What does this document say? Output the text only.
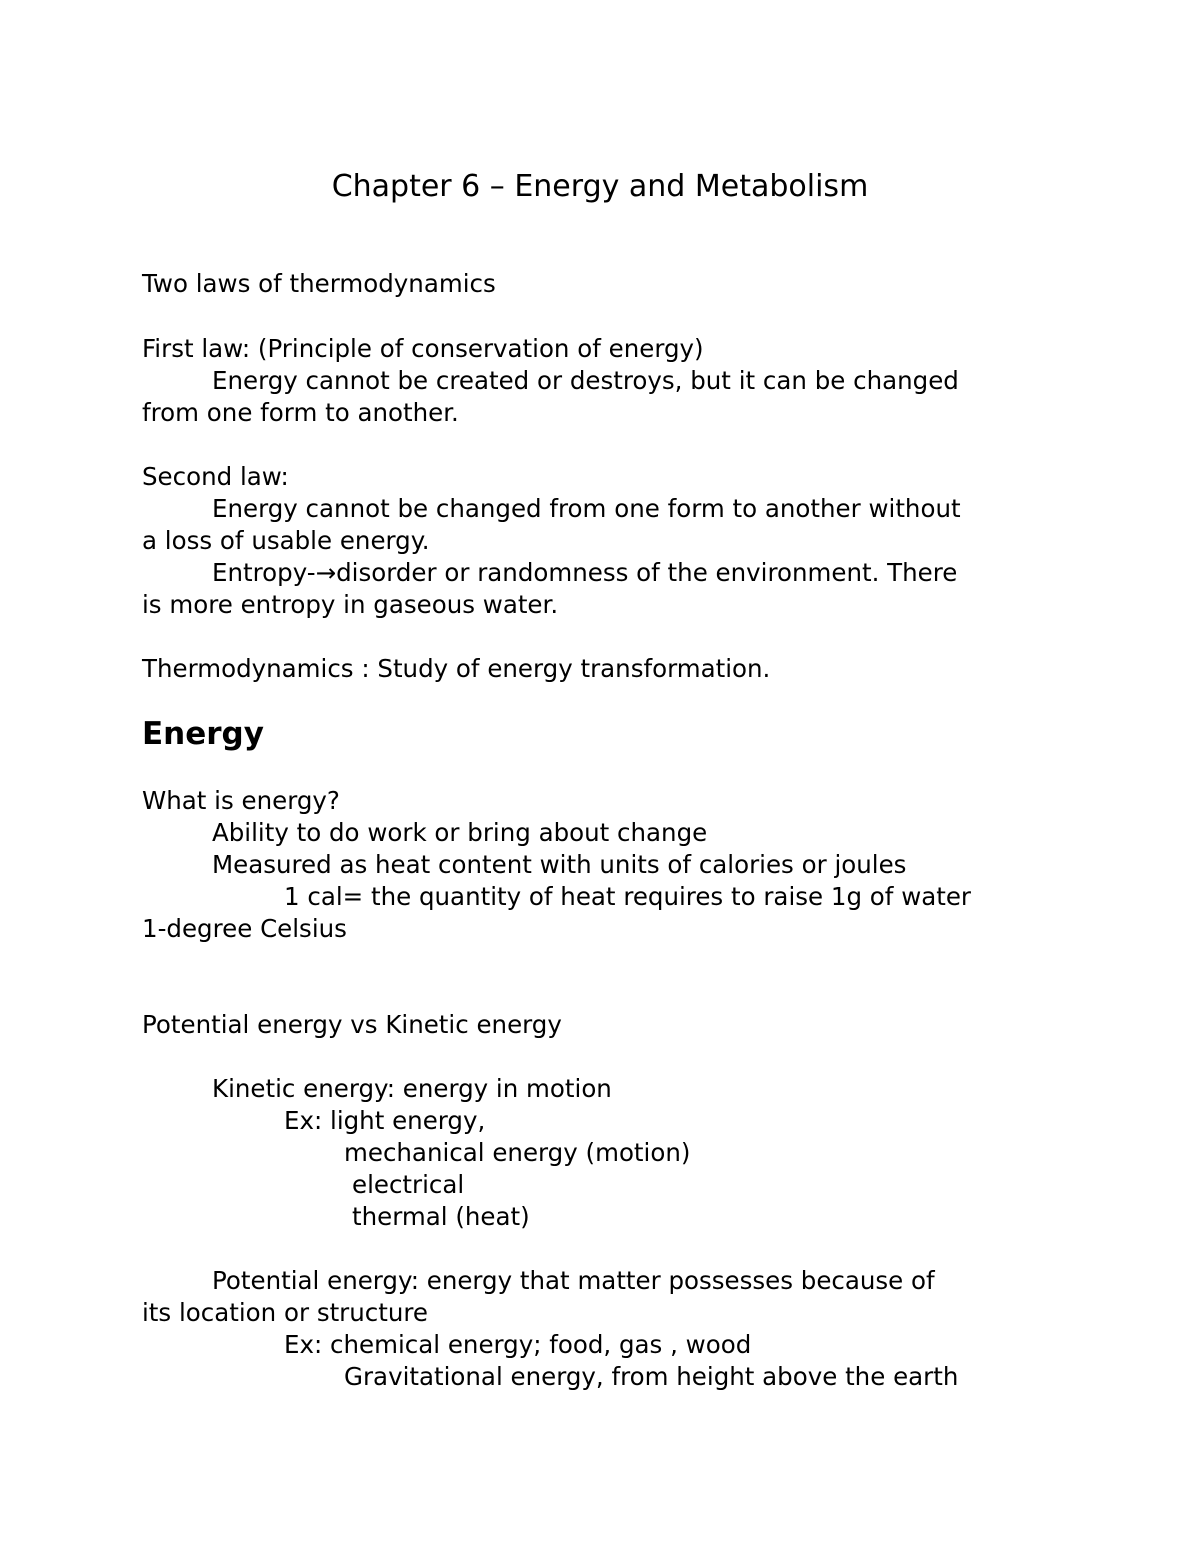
Chapter 6 – Energy and Metabolism
Two laws of thermodynamics
First law: (Principle of conservation of energy)
Energy cannot be created or destroys, but it can be changed
from one form to another.
Second law:
Energy cannot be changed from one form to another without
a loss of usable energy.
Entropy-→disorder or randomness of the environment. There
is more entropy in gaseous water.
Thermodynamics : Study of energy transformation.
Energy
What is energy?
Ability to do work or bring about change
Measured as heat content with units of calories or joules
1 cal= the quantity of heat requires to raise 1g of water
1-degree Celsius
Potential energy vs Kinetic energy
Kinetic energy: energy in motion
Ex: light energy,
mechanical energy (motion)
electrical
thermal (heat)
Potential energy: energy that matter possesses because of
its location or structure
Ex: chemical energy; food, gas , wood
Gravitational energy, from height above the earth
